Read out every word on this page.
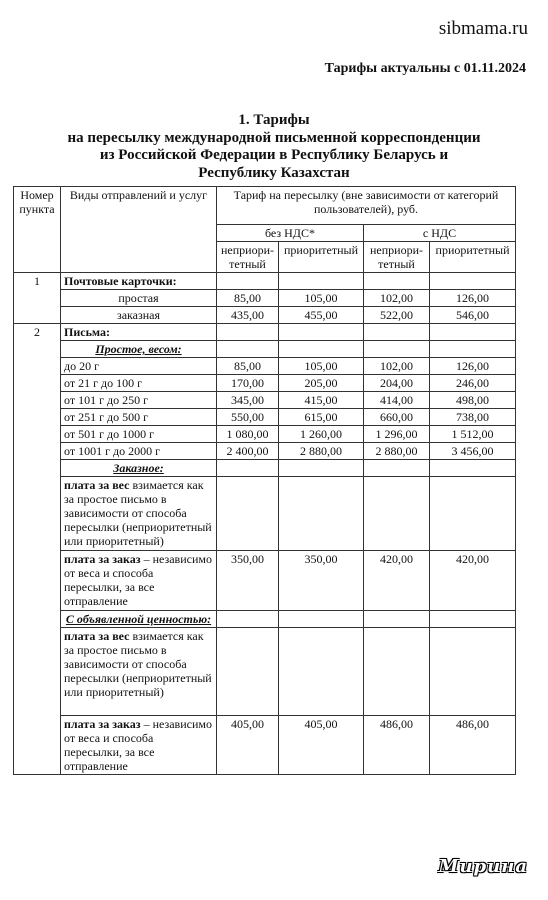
sibmama.ru
Тарифы актуальны с 01.11.2024
1. Тарифы
на пересылку международной письменной корреспонденции
из Российской Федерации в Республику Беларусь и
Республику Казахстан
Номер пункта	Виды отправлений и услуг	Тариф на пересылку (вне зависимости от категорий пользователей), руб.			
		без НДС*		с НДС	
		неприори-тетный	приоритетный	неприори-тетный	приоритетный
1	Почтовые карточки:				
	простая	85,00	105,00	102,00	126,00
	заказная	435,00	455,00	522,00	546,00
2	Письма:				
	Простое, весом:				
	до 20 г	85,00	105,00	102,00	126,00
	от 21 г до 100 г	170,00	205,00	204,00	246,00
	от 101 г до 250 г	345,00	415,00	414,00	498,00
	от 251 г до 500 г	550,00	615,00	660,00	738,00
	от 501 г до 1000 г	1 080,00	1 260,00	1 296,00	1 512,00
	от 1001 г до 2000 г	2 400,00	2 880,00	2 880,00	3 456,00
	Заказное:				
	плата за вес взимается как за простое письмо в зависимости от способа пересылки (неприоритетный или приоритетный)				
	плата за заказ – независимо от веса и способа пересылки, за все отправление	350,00	350,00	420,00	420,00
	С объявленной ценностью:				
	плата за вес взимается как за простое письмо в зависимости от способа пересылки (неприоритетный или приоритетный)				
	плата за заказ – независимо от веса и способа пересылки, за все отправление	405,00	405,00	486,00	486,00
Мирина
